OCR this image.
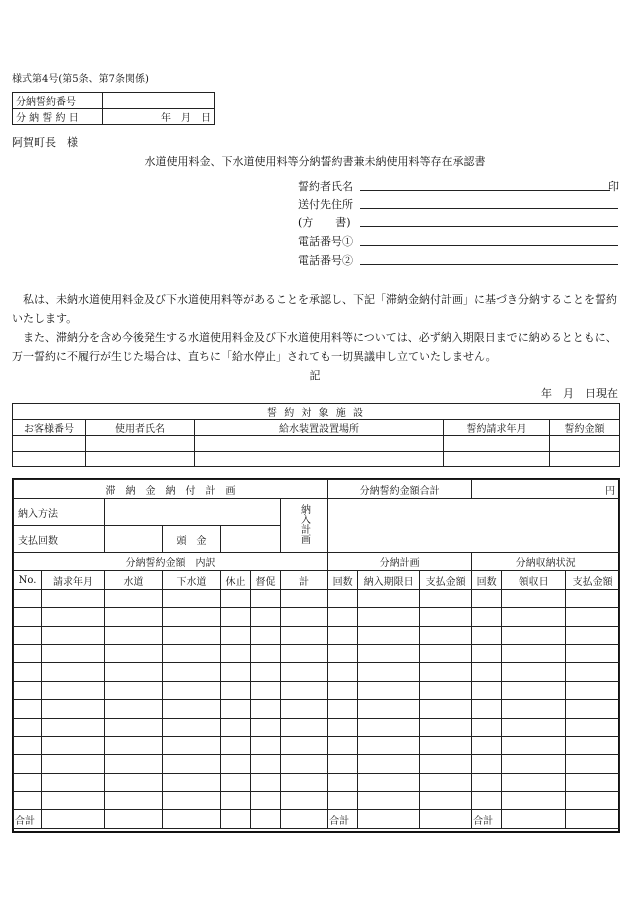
様式第4号(第5条、第7条関係)
分納誓約番号	
分 納 誓 約 日	年　月　日
阿賀町長　様
水道使用料金、下水道使用料等分納誓約書兼未納使用料等存在承認書
誓約者氏名	印
送付先住所
(方　　書)
電話番号①
電話番号②
　私は、未納水道使用料金及び下水道使用料等があることを承認し、下記「滞納金納付計画」に基づき分納することを誓約いたします。
　また、滞納分を含め今後発生する水道使用料金及び下水道使用料等については、必ず納入期限日までに納めるとともに、万一誓約に不履行が生じた場合は、直ちに「給水停止」されても一切異議申し立ていたしません。
記
年　月　日現在
誓 約 対 象 施 設				
お客様番号	使用者氏名	給水装置設置場所	誓約請求年月	誓約金額

滞　納　金　納　付　計　画							分納誓約金額合計			円		
納入方法						納入計画						
支払回数			頭　金									
分納誓約金額　内訳							分納計画			分納収納状況		
No.	請求年月	水道	下水道	休止	督促	計	回数	納入期限日	支払金額	回数	領収日	支払金額

合計							合計			合計		
